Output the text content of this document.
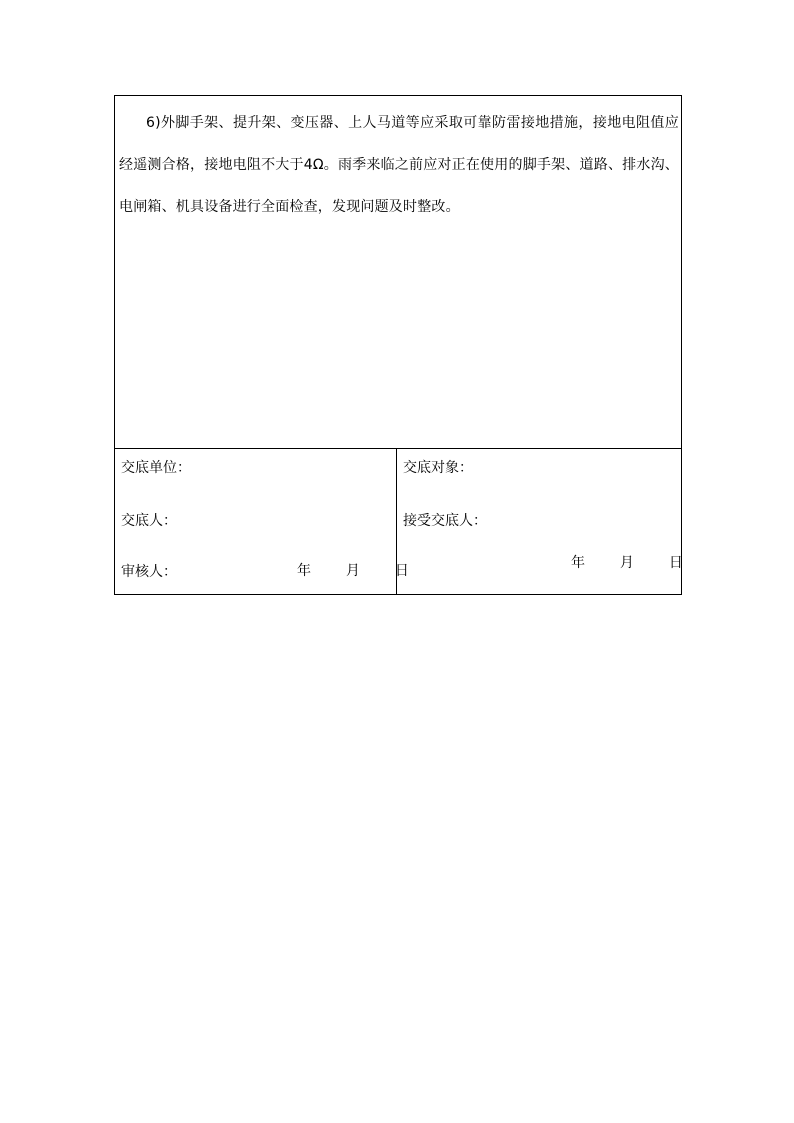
6)外脚手架、提升架、变压器、上人马道等应采取可靠防雷接地措施，接地电阻值应经遥测合格，接地电阻不大于4Ω。雨季来临之前应对正在使用的脚手架、道路、排水沟、电闸箱、机具设备进行全面检查，发现问题及时整改。

交底单位：
交底人：
审核人：	年 月 日
交底对象：
接受交底人：
年 月 日
